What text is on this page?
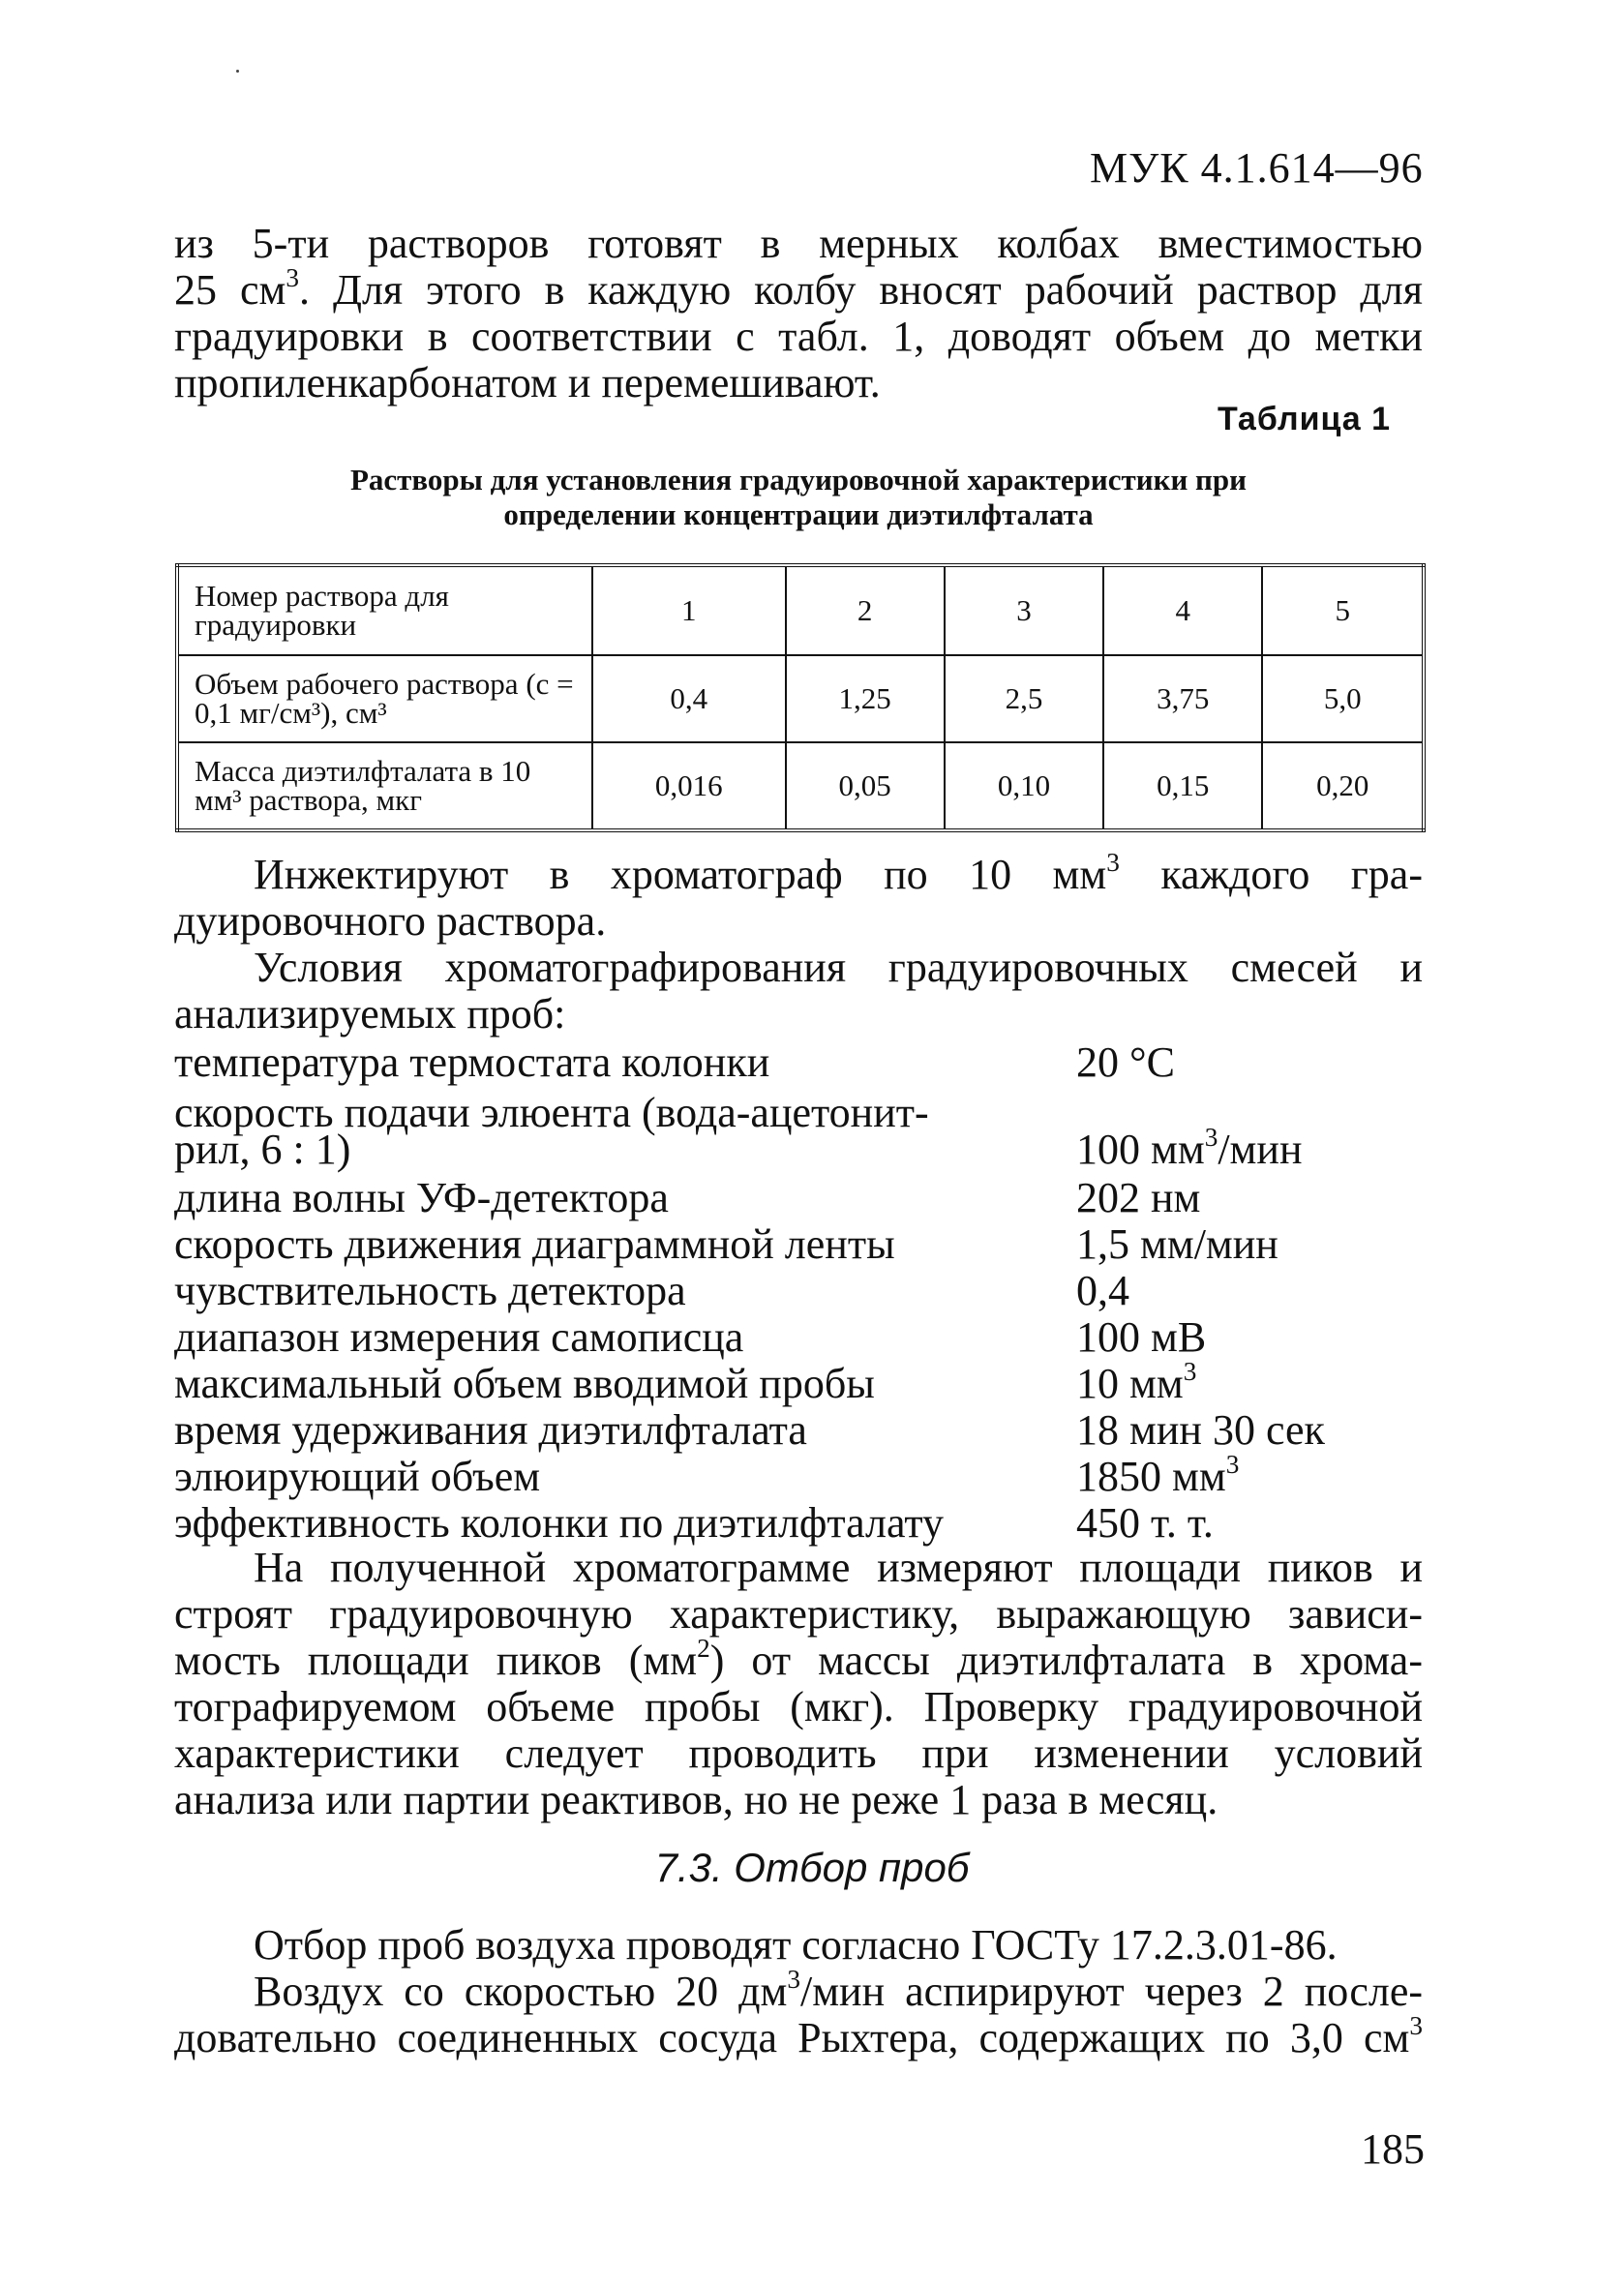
МУК 4.1.614—96
из 5-ти растворов готовят в мерных колбах вместимостью
25 $см^3$. Для этого в каждую колбу вносят рабочий раствор для
градуировки в соответствии с табл. 1, доводят объем до метки
пропиленкарбонатом и перемешивают.
Таблица 1
Растворы для установления градуировочной характеристики при
определении концентрации диэтилфталата
Номер раствора для градуировки	1	2	3	4	5
Объем рабочего раствора (с = 0,1 мг/см³), см³	0,4	1,25	2,5	3,75	5,0
Масса диэтилфталата в 10 мм³ раствора, мкг	0,016	0,05	0,10	0,15	0,20
Инжектируют в хроматограф по 10 $мм^3$ каждого гра-
дуировочного раствора.
Условия хроматографирования градуировочных смесей и
анализируемых проб:
температура термостата колонки	20 °C
скорость подачи элюента (вода-ацетонит-
рил, 6 : 1)	100 $мм^3$/мин
длина волны УФ-детектора	202 нм
скорость движения диаграммной ленты	1,5 мм/мин
чувствительность детектора	0,4
диапазон измерения самописца	100 мВ
максимальный объем вводимой пробы	10 $мм^3$
время удерживания диэтилфталата	18 мин 30 сек
элюирующий объем	1850 $мм^3$
эффективность колонки по диэтилфталату	450 т. т.
На полученной хроматограмме измеряют площади пиков и
строят градуировочную характеристику, выражающую зависи-
мость площади пиков $(мм^2)$ от массы диэтилфталата в хрома-
тографируемом объеме пробы (мкг). Проверку градуировочной
характеристики следует проводить при изменении условий
анализа или партии реактивов, но не реже 1 раза в месяц.
7.3. Отбор проб
Отбор проб воздуха проводят согласно ГОСТу 17.2.3.01-86.
Воздух со скоростью 20 $дм^3$/мин аспирируют через 2 после-
довательно соединенных сосуда Рыхтера, содержащих по 3,0 $см^3$
185
